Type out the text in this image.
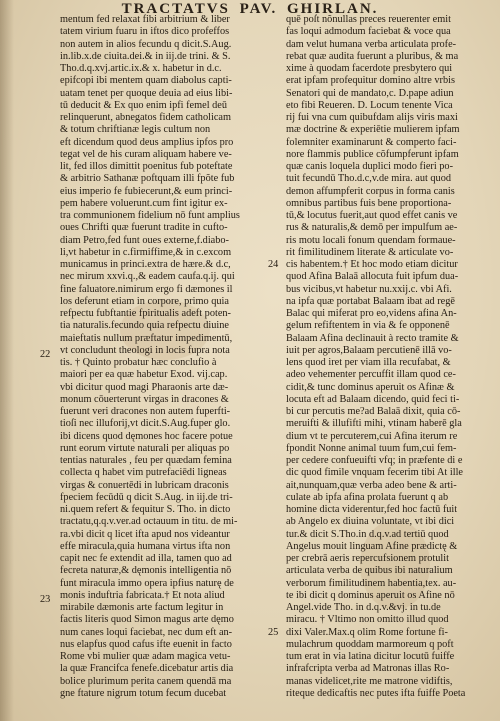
TRACTATVS PAV. GHIRLAN.
mentum fed relaxat fibi arbitrium & liber
tatem virium fuaru in iftos dico profeffos
non autem in alios fecundu q dicit.S.Aug.
in.lib.x.de ciuita.dei.& in iij.de trini. & S.
Tho.d.q.xvj.artic.ix.& x. habetur in d.c.
epifcopi ibi mentem quam diabolus capti-
uatam tenet per quoque deuia ad eius libi-
tū deducit & Ex quo enim ipfi femel deū
relinquerunt, abnegatos fidem catholicam
& totum chriftianæ legis cultum non
eft dicendum quod deus amplius ipfos pro
tegat vel de his curam aliquam habere ve-
lit, fed illos dimittit poenitus fub poteftate
& arbitrio Sathanæ poftquam illi fpõte fub
eius imperio fe fubiecerunt,& eum princi-
pem habere voluerunt.cum fint igitur ex-
tra communionem fidelium nō funt amplius
oues Chrifti quæ fuerunt tradite in cufto-
diam Petro,fed funt oues externe,f.diabo-
li,vt habetur in c.firmiffime,& in c.excom
municamus in princi.extra de hære.& d.c,
nec mirum xxvi.q.,& eadem caufa.q.ij. qui
fine faluatore.nimirum ergo fi dæmones il
los deferunt etiam in corpore, primo quia
refpectu fubftantie fpiritualis adeft poten-
tia naturalis.fecundo quia refpectu diuine
maieftatis nullum præftatur impedimentū,
vt concludunt theologi in locis fupra nota
tis. † Quinto probatur hæc conclufio à
maiori per ea quæ habetur Exod. vij.cap.
vbi dicitur quod magi Pharaonis arte dæ-
monum cōuerterunt virgas in dracones &
fuerunt veri dracones non autem fuperfti-
tioſi nec illuforij,vt dicit.S.Aug.fuper glo.
ibi dicens quod dęmones hoc facere potue
runt eorum virtute naturali per aliquas po
tentias naturales , feu per quædam femina
collecta q habet vim putrefaciēdi ligneas
virgas & conuertēdi in lubricam draconis
fpeciem fecūdū q dicit S.Aug. in iij.de tri-
ni.quem refert & fequitur S. Tho. in dicto
tractatu,q.q.v.ver.ad octauum in titu. de mi-
ra.vbi dicit q licet ifta apud nos videantur
effe miracula,quia humana virtus ifta non
capit nec fe extendit ad illa, tamen quo ad
fecreta naturæ,& dęmonis intelligentia nō
funt miracula immo opera ipfius naturę de
monis induftria fabricata.† Et nota aliud
mirabile dæmonis arte factum legitur in
factis literis quod Simon magus arte dęmo
num canes loqui faciebat, nec dum eft an-
nus elapfus quod cafus ifte euenit in facto
Rome vbi mulier quæ adam magica vetu-
la quæ Francifca fenefe.dicebatur artis dia
bolice plurimum perita canem quendā ma
gne ftature nigrum totum fecum ducebat
quē poſt nõnullas preces reuerenter emit
fas loqui admodum faciebat & voce qua
dam velut humana verba articulata profe-
rebat quæ audita fuerunt a pluribus, & ma
xime à quodam facerdote presbytero qui
erat ipfam profequitur domino altre vrbis
Senatori qui de mandato,c. D.pape adiun
eto fibi Reueren. D. Locum tenente Vica
rij fui vna cum quibufdam alijs viris maxi
mæ doctrine & experiētie mulierem ipfam
folemniter examinarunt & comperto faci-
nore flammis publice cõfumpferunt ipfam
quæ canis loquela duplici modo fieri po-
tuit fecundū Tho.d.c,v.de mira. aut quod
demon affumpferit corpus in forma canis
omnibus partibus fuis bene proportiona-
tū,& locutus fuerit,aut quod effet canis ve
rus & naturalis,& demō per impulfum ae-
ris motu locali fonum quendam formaue-
rit fimilitudinem literate & articulate vo-
cis habentem.† Et hoc modo etiam dicitur
quod Afina Balaā allocuta fuit ipfum dua-
bus vicibus,vt habetur nu.xxij.c. vbi Afi.
na ipfa quæ portabat Balaam ibat ad regē
Balac qui miferat pro eo,videns afina An-
gelum refiftentem in via & fe opponenē
Balaam Afina declinauit à recto tramite &
iuit per agros,Balaam percutienē illā vo-
lens quod iret per viam illa recufabat, &
adeo vehementer percuffit illam quod ce-
cidit,& tunc dominus aperuit os Afinæ &
locuta eft ad Balaam dicendo, quid feci ti-
bi cur percutis me?ad Balaā dixit, quia cō-
meruifti & illufifti mihi, vtinam haberē gla
dium vt te percuterem,cui Afina iterum re
fpondit Nonne animal tuum fum,cui fem-
per cedere confueuifti vfq; in præfente di e
dic quod fimile vnquam fecerim tibi At ille
ait,nunquam,quæ verba adeo bene & arti-
culate ab ipfa afina prolata fuerunt q ab
homine dicta viderentur,fed hoc factū fuit
ab Angelo ex diuina voluntate, vt ibi dici
tur.& dicit S.Tho.in d.q.v.ad tertiū quod
Angelus mouit linguam Afine prædictę &
per crebrā aeris repercufsionem protulit
articulata verba de quibus ibi naturalium
verborum fimilitudinem habentia,tex. au-
te ibi dicit q dominus aperuit os Afine nō
Angel.vide Tho. in d.q.v.&vj. in tu.de
miracu. † Vltimo non omitto illud quod
dixi Valer.Max.q olim Rome fortune fi-
mulachrum quoddam marmoreum q poft
tum erat in via latina dicitur locutū fuiffe
infrafcripta verba ad Matronas illas Ro-
manas videlicet,rite me matrone vidiftis,
riteque dedicaftis nec putes ifta fuiffe Poeta
22
23
24
25
